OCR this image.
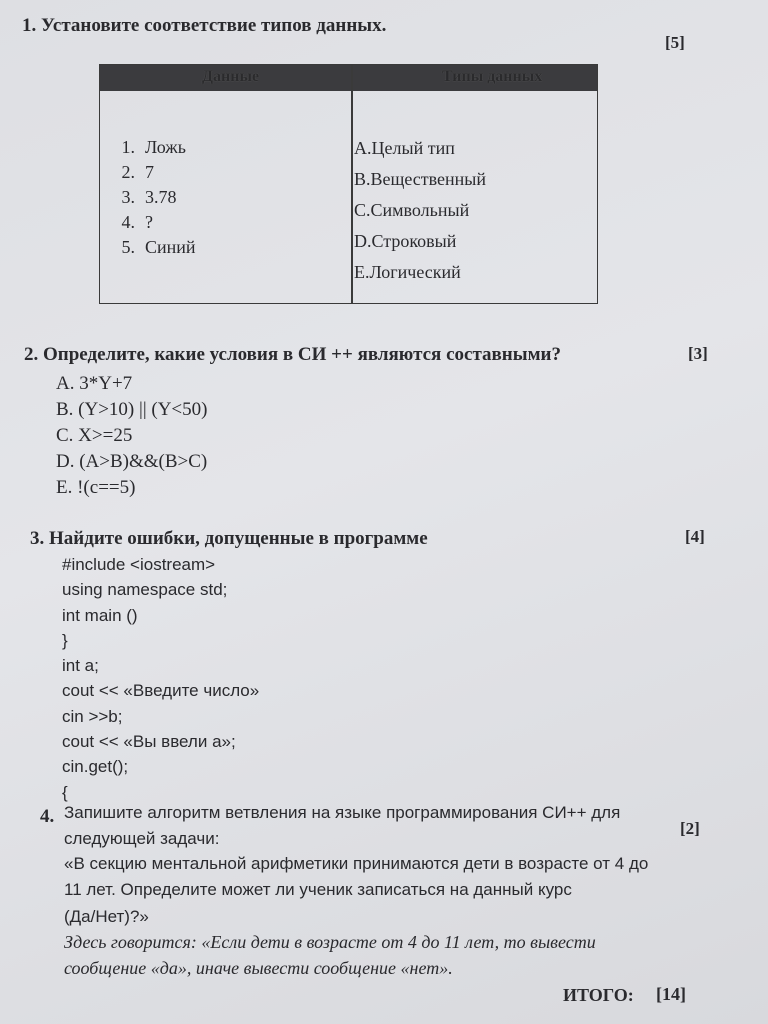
1. Установите соответствие типов данных.
[5]
Данные	Типы данных
1. Ложь
2. 7
3. 3.78
4. ?
5. Синий
A.Целый тип
B.Вещественный
C.Символьный
D.Строковый
E.Логический
2. Определите, какие условия в СИ ++ являются составными?	[3]
A. 3*Y+7
B. (Y>10) || (Y<50)
C. X>=25
D. (A>B)&&(B>C)
E. !(c==5)
3. Найдите ошибки, допущенные в программе	[4]
#include <iostream>
using namespace std;
int main ()
}
int a;
cout << «Введите число»
cin >>b;
cout << «Вы ввели a»;
cin.get();
{
4. Запишите алгоритм ветвления на языке программирования СИ++ для
следующей задачи:
[2]
«В секцию ментальной арифметики принимаются дети в возрасте от 4 до
11 лет. Определите может ли ученик записаться на данный курс
(Да/Нет)?»
Здесь говорится: «Если дети в возрасте от 4 до 11 лет, то вывести
сообщение «да», иначе вывести сообщение «нет».
ИТОГО: [14]
